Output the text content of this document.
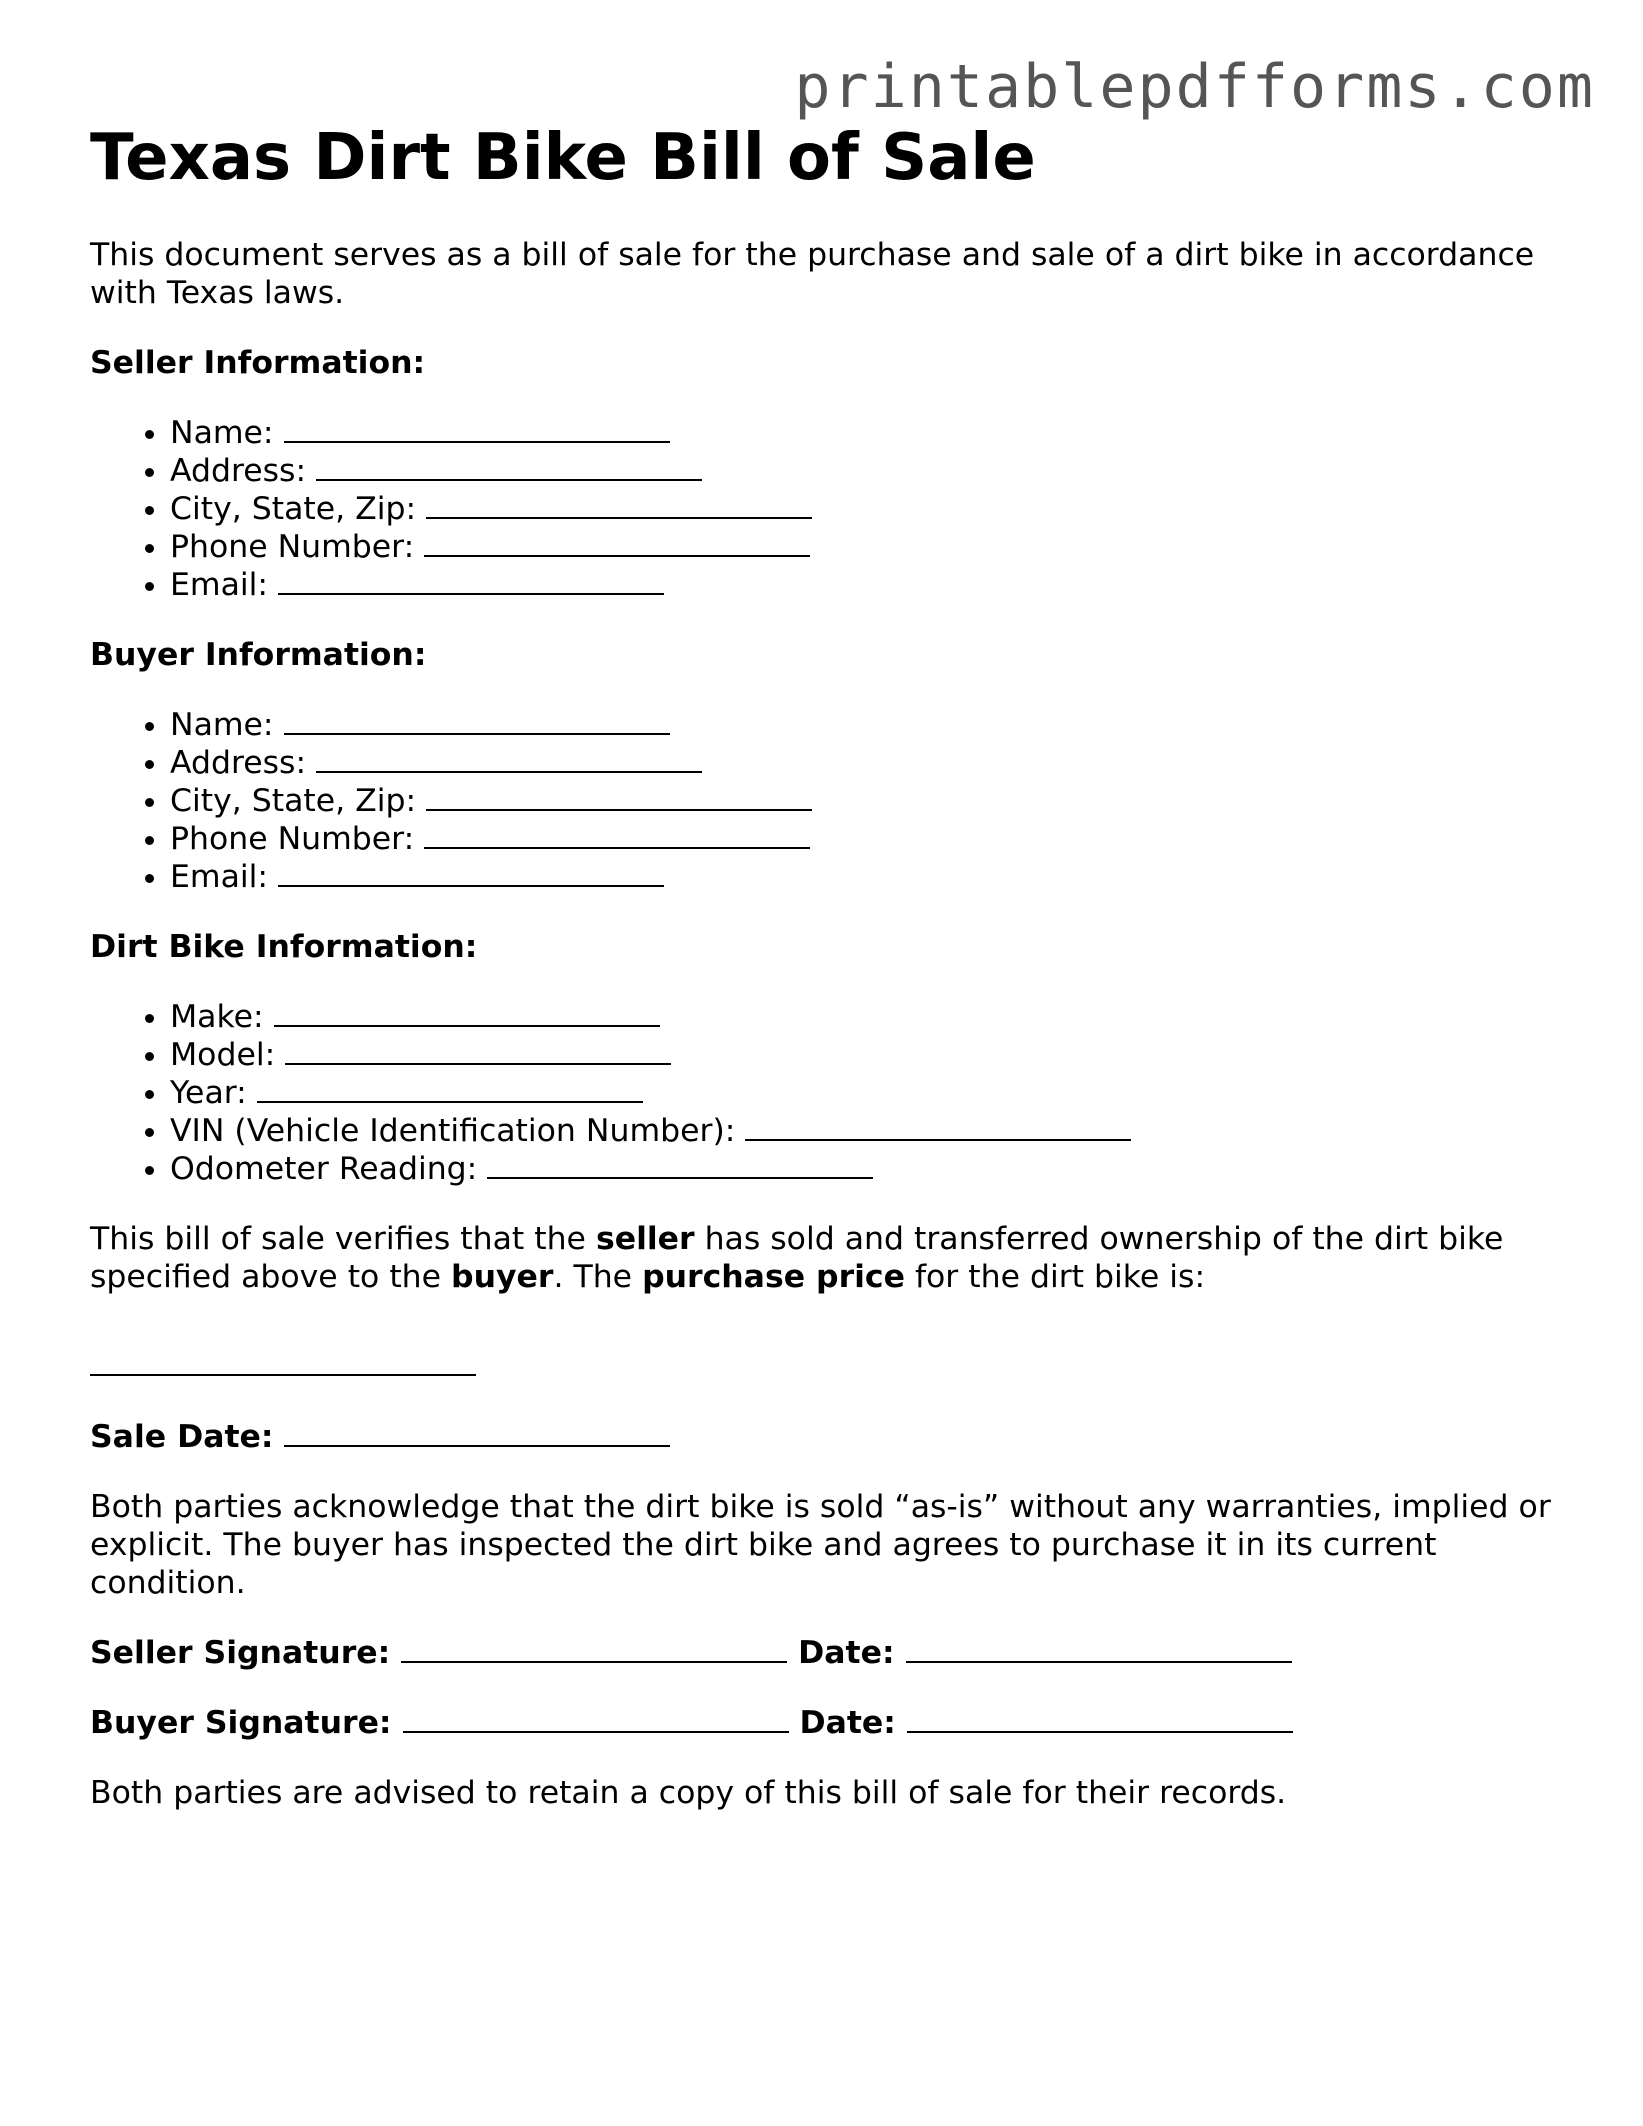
printablepdfforms.com
Texas Dirt Bike Bill of Sale

This document serves as a bill of sale for the purchase and sale of a dirt bike in accordance with Texas laws.

Seller Information:

• Name:
• Address:
• City, State, Zip:
• Phone Number:
• Email:

Buyer Information:

• Name:
• Address:
• City, State, Zip:
• Phone Number:
• Email:

Dirt Bike Information:

• Make:
• Model:
• Year:
• VIN (Vehicle Identification Number):
• Odometer Reading:

This bill of sale verifies that the seller has sold and transferred ownership of the dirt bike specified above to the buyer. The purchase price for the dirt bike is:

Sale Date:

Both parties acknowledge that the dirt bike is sold “as-is” without any warranties, implied or explicit. The buyer has inspected the dirt bike and agrees to purchase it in its current condition.

Seller Signature:	Date:

Buyer Signature:	Date:

Both parties are advised to retain a copy of this bill of sale for their records.
